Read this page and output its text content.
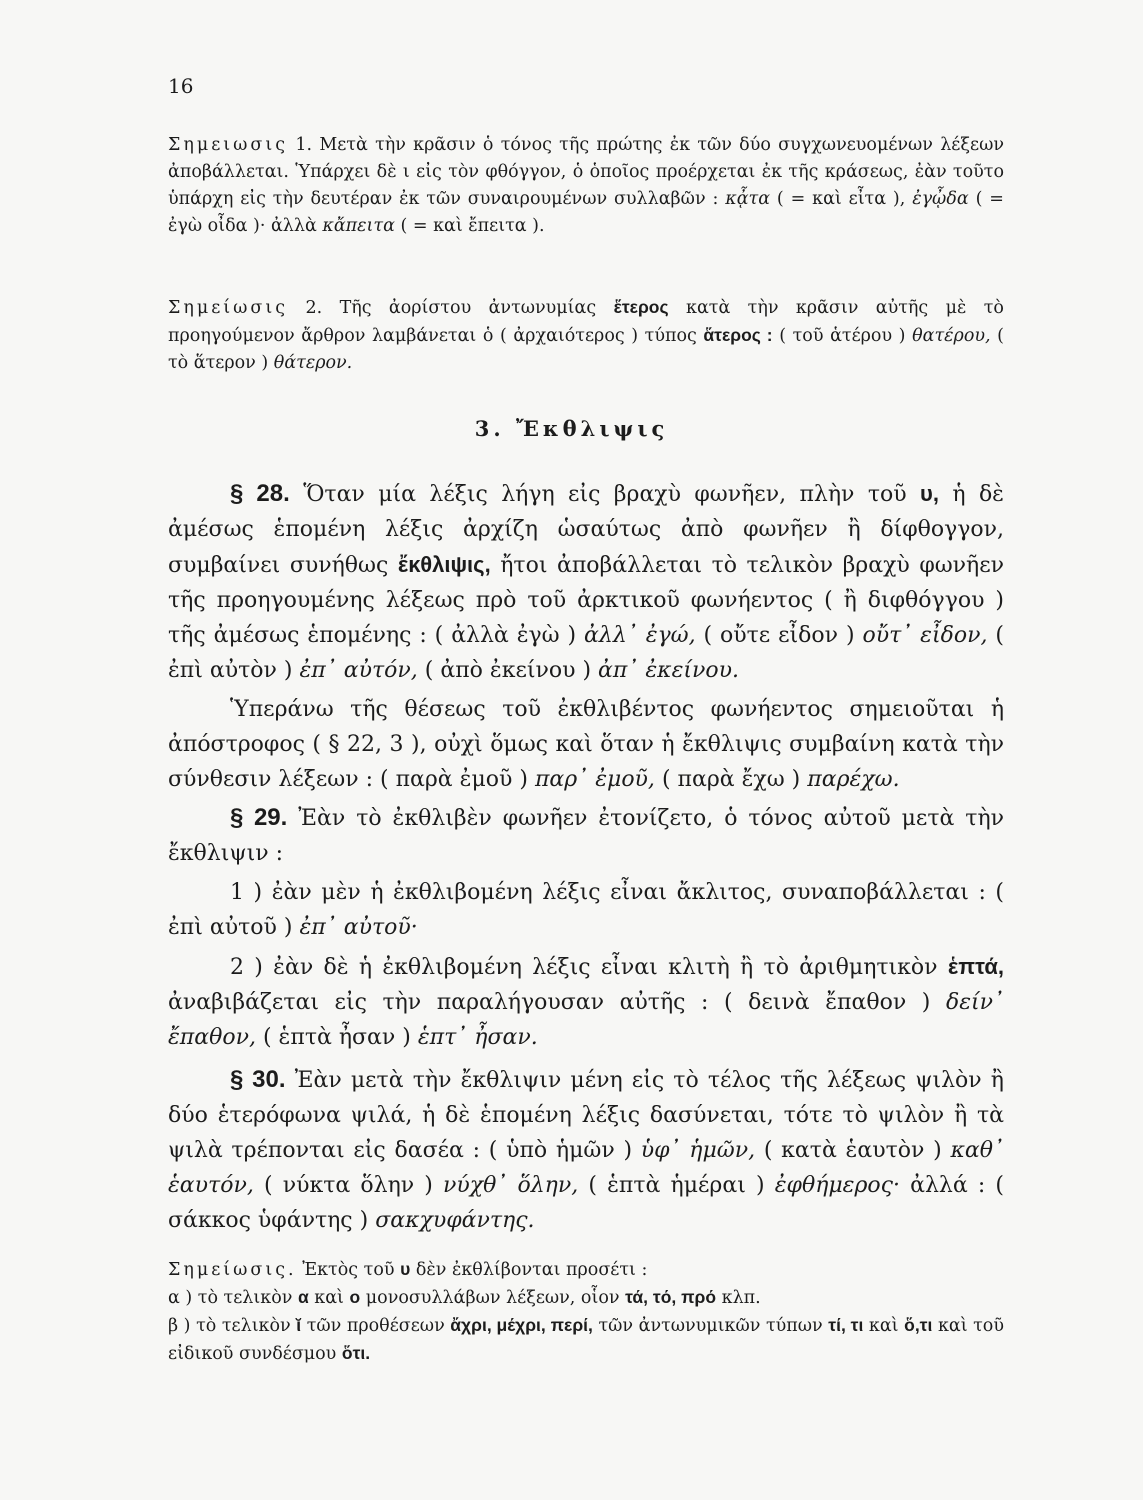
16

Σημειωσις 1. Μετὰ τὴν κρᾶσιν ὁ τόνος τῆς πρώτης ἐκ τῶν δύο συγχωνευομένων λέξεων ἀποβάλλεται. Ὑπάρχει δὲ ι εἰς τὸν φθόγγον, ὁ ὁποῖος προέρχεται ἐκ τῆς κράσεως, ἐὰν τοῦτο ὑπάρχη εἰς τὴν δευτέραν ἐκ τῶν συναιρουμένων συλλαβῶν : κᾆτα ( = καὶ εἶτα ), ἐγᾦδα ( = ἐγὼ οἶδα )· ἀλλὰ κἄπειτα ( = καὶ ἔπειτα ).

Σημείωσις 2. Τῆς ἀορίστου ἀντωνυμίας ἕτερος κατὰ τὴν κρᾶσιν αὐτῆς μὲ τὸ προηγούμενον ἄρθρον λαμβάνεται ὁ ( ἀρχαιότερος ) τύπος ἅτερος : ( τοῦ ἁτέρου ) θατέρου, ( τὸ ἅτερον ) θάτερον.

3. Ἔκθλιψις

§ 28. Ὅταν μία λέξις λήγη εἰς βραχὺ φωνῆεν, πλὴν τοῦ υ, ἡ δὲ ἀμέσως ἑπομένη λέξις ἀρχίζη ὡσαύτως ἀπὸ φωνῆεν ἢ δίφθογγον, συμβαίνει συνήθως ἔκθλιψις, ἤτοι ἀποβάλλεται τὸ τελικὸν βραχὺ φωνῆεν τῆς προηγουμένης λέξεως πρὸ τοῦ ἀρκτικοῦ φωνήεντος ( ἢ διφθόγγου ) τῆς ἀμέσως ἑπομένης : ( ἀλλὰ ἐγὼ ) ἀλλ᾽ ἐγώ, ( οὔτε εἶδον ) οὔτ᾽ εἶδον, ( ἐπὶ αὐτὸν ) ἐπ᾽ αὐτόν, ( ἀπὸ ἐκείνου ) ἀπ᾽ ἐκείνου.

Ὑπεράνω τῆς θέσεως τοῦ ἐκθλιβέντος φωνήεντος σημειοῦται ἡ ἀπόστροφος ( § 22, 3 ), οὐχὶ ὅμως καὶ ὅταν ἡ ἔκθλιψις συμβαίνη κατὰ τὴν σύνθεσιν λέξεων : ( παρὰ ἐμοῦ ) παρ᾽ ἐμοῦ, ( παρὰ ἔχω ) παρέχω.

§ 29. Ἐὰν τὸ ἐκθλιβὲν φωνῆεν ἐτονίζετο, ὁ τόνος αὐτοῦ μετὰ τὴν ἔκθλιψιν :

1 ) ἐὰν μὲν ἡ ἐκθλιβομένη λέξις εἶναι ἄκλιτος, συναποβάλλεται : ( ἐπὶ αὐτοῦ ) ἐπ᾽ αὐτοῦ·

2 ) ἐὰν δὲ ἡ ἐκθλιβομένη λέξις εἶναι κλιτὴ ἢ τὸ ἀριθμητικὸν ἑπτά, ἀναβιβάζεται εἰς τὴν παραλήγουσαν αὐτῆς : ( δεινὰ ἔπαθον ) δείν᾽ ἔπαθον, ( ἑπτὰ ἦσαν ) ἑπτ᾽ ἦσαν.

§ 30. Ἐὰν μετὰ τὴν ἔκθλιψιν μένη εἰς τὸ τέλος τῆς λέξεως ψιλὸν ἢ δύο ἑτερόφωνα ψιλά, ἡ δὲ ἑπομένη λέξις δασύνεται, τότε τὸ ψιλὸν ἢ τὰ ψιλὰ τρέπονται εἰς δασέα : ( ὑπὸ ἡμῶν ) ὑφ᾽ ἡμῶν, ( κατὰ ἑαυτὸν ) καθ᾽ ἑαυτόν, ( νύκτα ὅλην ) νύχθ᾽ ὅλην, ( ἑπτὰ ἡμέραι ) ἐφθήμερος· ἀλλά : ( σάκκος ὑφάντης ) σακχυφάντης.

Σημείωσις. Ἐκτὸς τοῦ υ δὲν ἐκθλίβονται προσέτι :

α ) τὸ τελικὸν α καὶ ο μονοσυλλάβων λέξεων, οἷον τά, τό, πρό κλπ.

β ) τὸ τελικὸν ῐ τῶν προθέσεων ἄχρι, μέχρι, περί, τῶν ἀντωνυμικῶν τύπων τί, τι καὶ ὅ,τι καὶ τοῦ εἰδικοῦ συνδέσμου ὅτι.
